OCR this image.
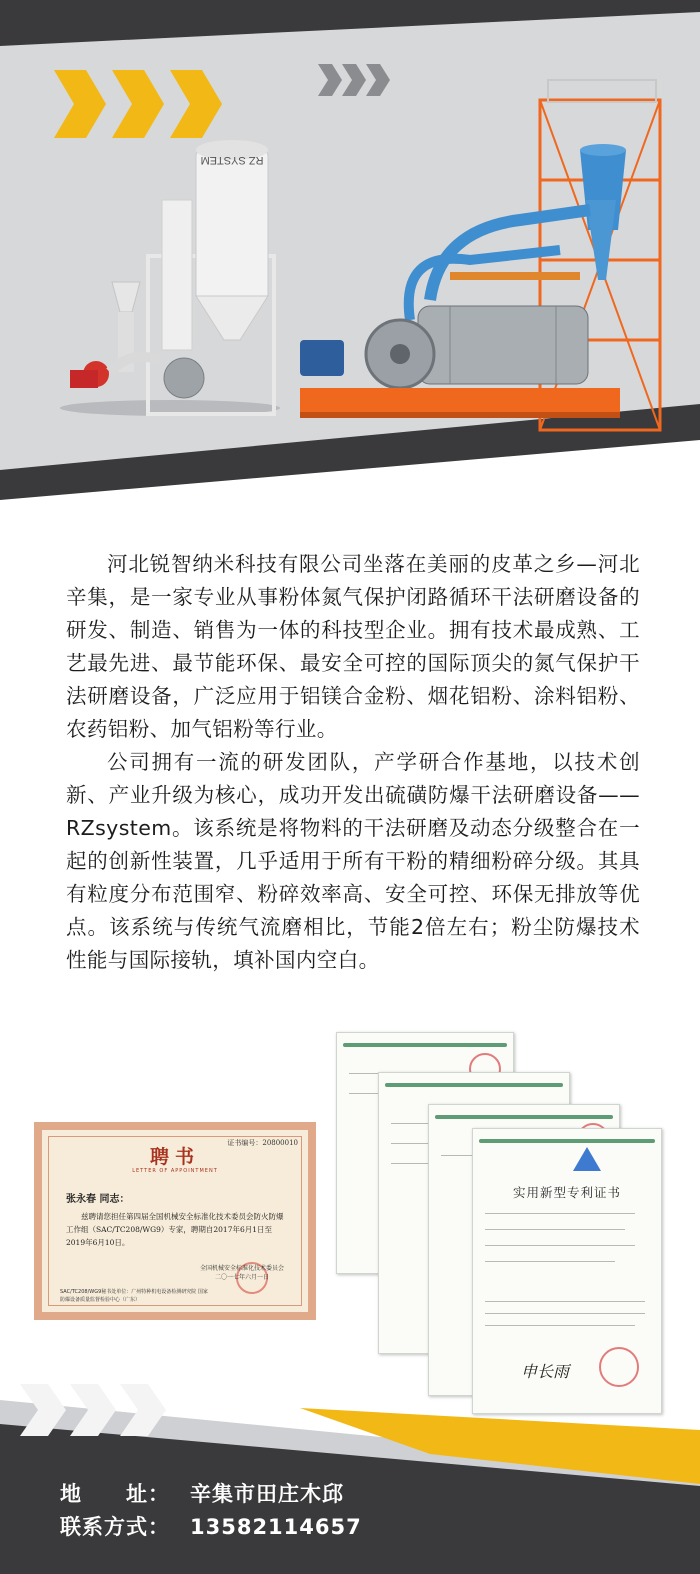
RZ SYSTEM

河北锐智纳米科技有限公司坐落在美丽的皮革之乡—河北辛集，是一家专业从事粉体氮气保护闭路循环干法研磨设备的研发、制造、销售为一体的科技型企业。拥有技术最成熟、工艺最先进、最节能环保、最安全可控的国际顶尖的氮气保护干法研磨设备，广泛应用于铝镁合金粉、烟花铝粉、涂料铝粉、农药铝粉、加气铝粉等行业。

公司拥有一流的研发团队，产学研合作基地，以技术创新、产业升级为核心，成功开发出硫磺防爆干法研磨设备——RZsystem。该系统是将物料的干法研磨及动态分级整合在一起的创新性装置，几乎适用于所有干粉的精细粉碎分级。其具有粒度分布范围窄、粉碎效率高、安全可控、环保无排放等优点。该系统与传统气流磨相比，节能2倍左右；粉尘防爆技术性能与国际接轨，填补国内空白。

证书编号：20800010
聘书
LETTER OF APPOINTMENT
张永春 同志：
兹聘请您担任第四届全国机械安全标准化技术委员会防火防爆工作组（SAC/TC208/WG9）专家，聘期自2017年6月1日至2019年6月10日。
全国机械安全标准化技术委员会
二〇一七年六月一日
SAC/TC208/WG9秘书处单位：广州特种机电设备检测研究院 国家防爆设备质量监督检验中心（广东）
实用新型专利证书
申长雨
地　　址： 辛集市田庄木邱
联系方式： 13582114657
